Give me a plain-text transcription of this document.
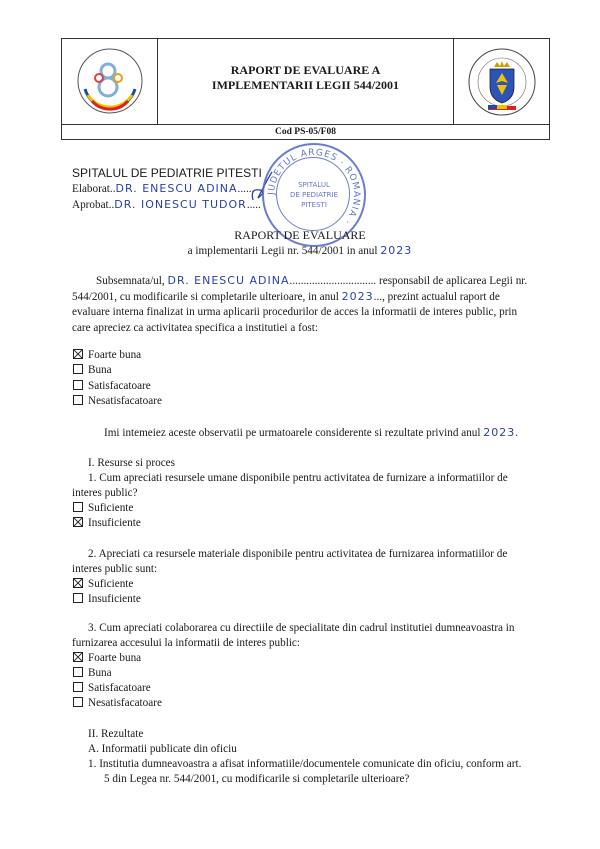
RAPORT DE EVALUARE A
IMPLEMENTARII LEGII 544/2001
Cod PS-05/F08
SPITALUL DE PEDIATRIE PITESTI
Elaborat..DR. ENESCU ADINA......
Aprobat..DR. IONESCU TUDOR.....
JUDETUL ARGES · ROMANIA ·
SPITALUL
DE PEDIATRIE
PITESTI
RAPORT DE EVALUARE
a implementarii Legii nr. 544/2001 in anul 2023
Subsemnata/ul, DR. ENESCU ADINA............................... responsabil de aplicarea Legii nr.
544/2001, cu modificarile si completarile ulterioare, in anul 2023..., prezint actualul raport de
evaluare interna finalizat in urma aplicarii procedurilor de acces la informatii de interes public, prin
care apreciez ca activitatea specifica a institutiei a fost:
Foarte buna
Buna
Satisfacatoare
Nesatisfacatoare
Imi intemeiez aceste observatii pe urmatoarele considerente si rezultate privind anul 2023.
I. Resurse si proces
1. Cum apreciati resursele umane disponibile pentru activitatea de furnizare a informatiilor de
interes public?
Suficiente
Insuficiente
2. Apreciati ca resursele materiale disponibile pentru activitatea de furnizarea informatiilor de
interes public sunt:
Suficiente
Insuficiente
3. Cum apreciati colaborarea cu directiile de specialitate din cadrul institutiei dumneavoastra in
furnizarea accesului la informatii de interes public:
Foarte buna
Buna
Satisfacatoare
Nesatisfacatoare
II. Rezultate
A. Informatii publicate din oficiu
1. Institutia dumneavoastra a afisat informatiile/documentele comunicate din oficiu, conform art.
5 din Legea nr. 544/2001, cu modificarile si completarile ulterioare?
